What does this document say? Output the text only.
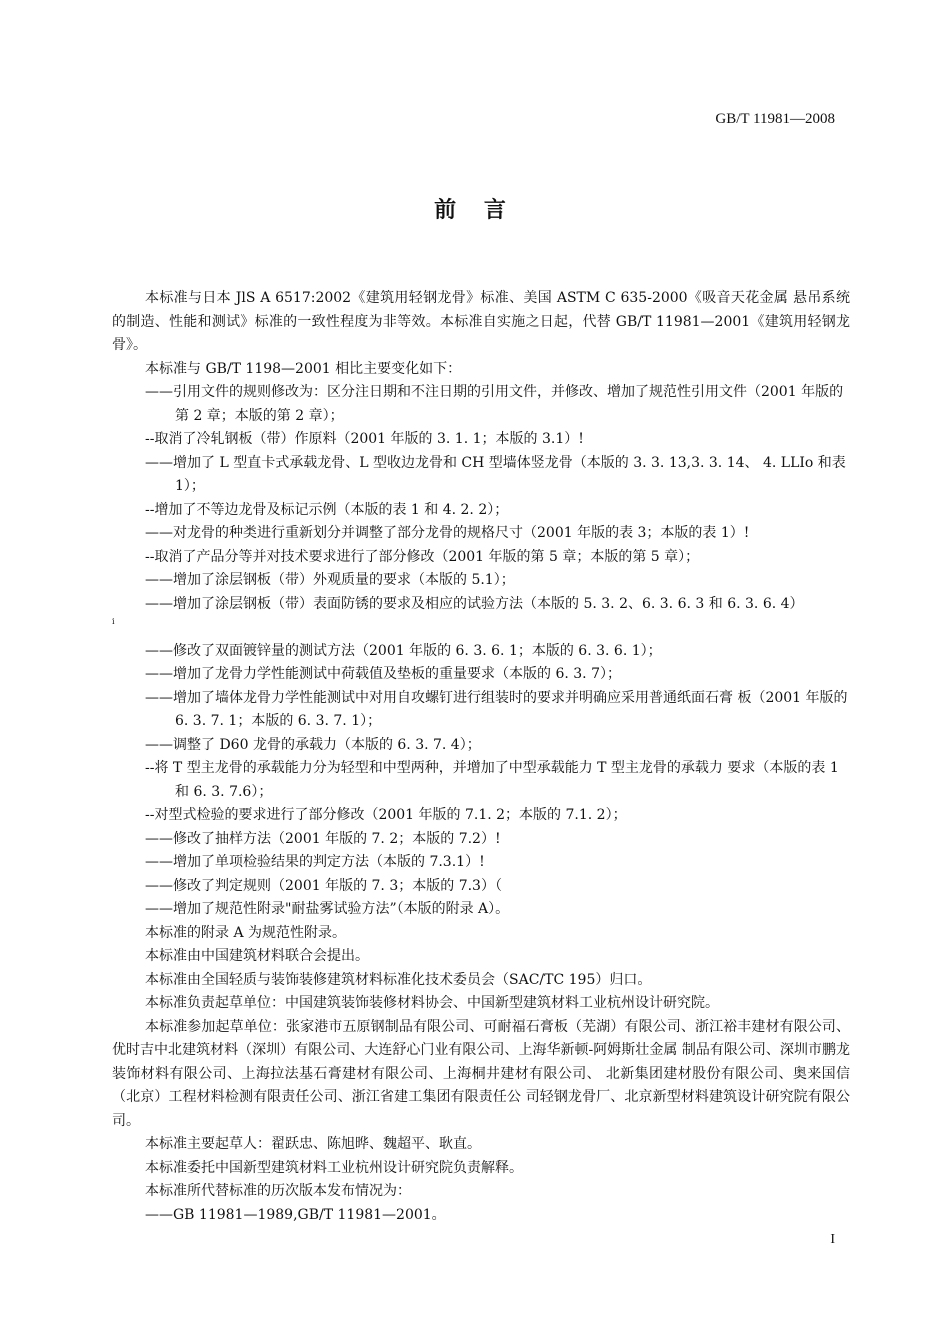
GB/T 11981—2008
前 言

本标准与日本 JlS A 6517:2002《建筑用轻钢龙骨》标准、美国 ASTM C 635-2000《吸音天花金属 悬吊系统的制造、性能和测试》标准的一致性程度为非等效。本标准自实施之日起，代替 GB/T 11981—2001《建筑用轻钢龙骨》。

本标准与 GB/T 1198—2001 相比主要变化如下：

——引用文件的规则修改为：区分注日期和不注日期的引用文件，并修改、增加了规范性引用文件（2001 年版的第 2 章；本版的第 2 章）；

--取消了冷轧钢板（带）作原料（2001 年版的 3. 1. 1；本版的 3.1）!

——增加了 L 型直卡式承载龙骨、L 型收边龙骨和 CH 型墙体竖龙骨（本版的 3. 3. 13,3. 3. 14、 4. LLIo 和表 1）；

--增加了不等边龙骨及标记示例（本版的表 1 和 4. 2. 2）；

——对龙骨的种类进行重新划分并调整了部分龙骨的规格尺寸（2001 年版的表 3；本版的表 1）!

--取消了产品分等并对技术要求进行了部分修改（2001 年版的第 5 章；本版的第 5 章）；

——增加了涂层钢板（带）外观质量的要求（本版的 5.1）；

——增加了涂层钢板（带）表面防锈的要求及相应的试验方法（本版的 5. 3. 2、6. 3. 6. 3 和 6. 3. 6. 4）

i

——修改了双面镀锌量的测试方法（2001 年版的 6. 3. 6. 1；本版的 6. 3. 6. 1）；

——增加了龙骨力学性能测试中荷载值及垫板的重量要求（本版的 6. 3. 7）；

——增加了墙体龙骨力学性能测试中对用自攻螺钉进行组装时的要求并明确应采用普通纸面石膏 板（2001 年版的 6. 3. 7. 1；本版的 6. 3. 7. 1）；

——调整了 D60 龙骨的承载力（本版的 6. 3. 7. 4）；

--将 T 型主龙骨的承载能力分为轻型和中型两种，并增加了中型承载能力 T 型主龙骨的承载力 要求（本版的表 1 和 6. 3. 7.6）；

--对型式检验的要求进行了部分修改（2001 年版的 7.1. 2；本版的 7.1. 2）；

——修改了抽样方法（2001 年版的 7. 2；本版的 7.2）!

——增加了单项检验结果的判定方法（本版的 7.3.1）!

——修改了判定规则（2001 年版的 7. 3；本版的 7.3）（

——增加了规范性附录"耐盐雾试验方法”（本版的附录 A）。

本标准的附录 A 为规范性附录。

本标准由中国建筑材料联合会提出。

本标准由全国轻质与装饰装修建筑材料标准化技术委员会（SAC/TC 195）归口。

本标准负责起草单位：中国建筑装饰装修材料协会、中国新型建筑材料工业杭州设计研究院。

本标准参加起草单位：张家港市五原钢制品有限公司、可耐福石膏板（芜湖）有限公司、浙江裕丰建材有限公司、优时吉中北建筑材料（深圳）有限公司、大连舒心门业有限公司、上海华新顿-阿姆斯壮金属 制品有限公司、深圳市鹏龙装饰材料有限公司、上海拉法基石膏建材有限公司、上海桐井建材有限公司、 北新集团建材股份有限公司、奥来国信（北京）工程材料检测有限责任公司、浙江省建工集团有限责任公 司轻钢龙骨厂、北京新型材料建筑设计研究院有限公司。

本标准主要起草人：翟跃忠、陈旭晔、魏超平、耿直。

本标准委托中国新型建筑材料工业杭州设计研究院负责解释。

本标准所代替标准的历次版本发布情况为：

——GB 11981—1989,GB/T 11981—2001。

I
